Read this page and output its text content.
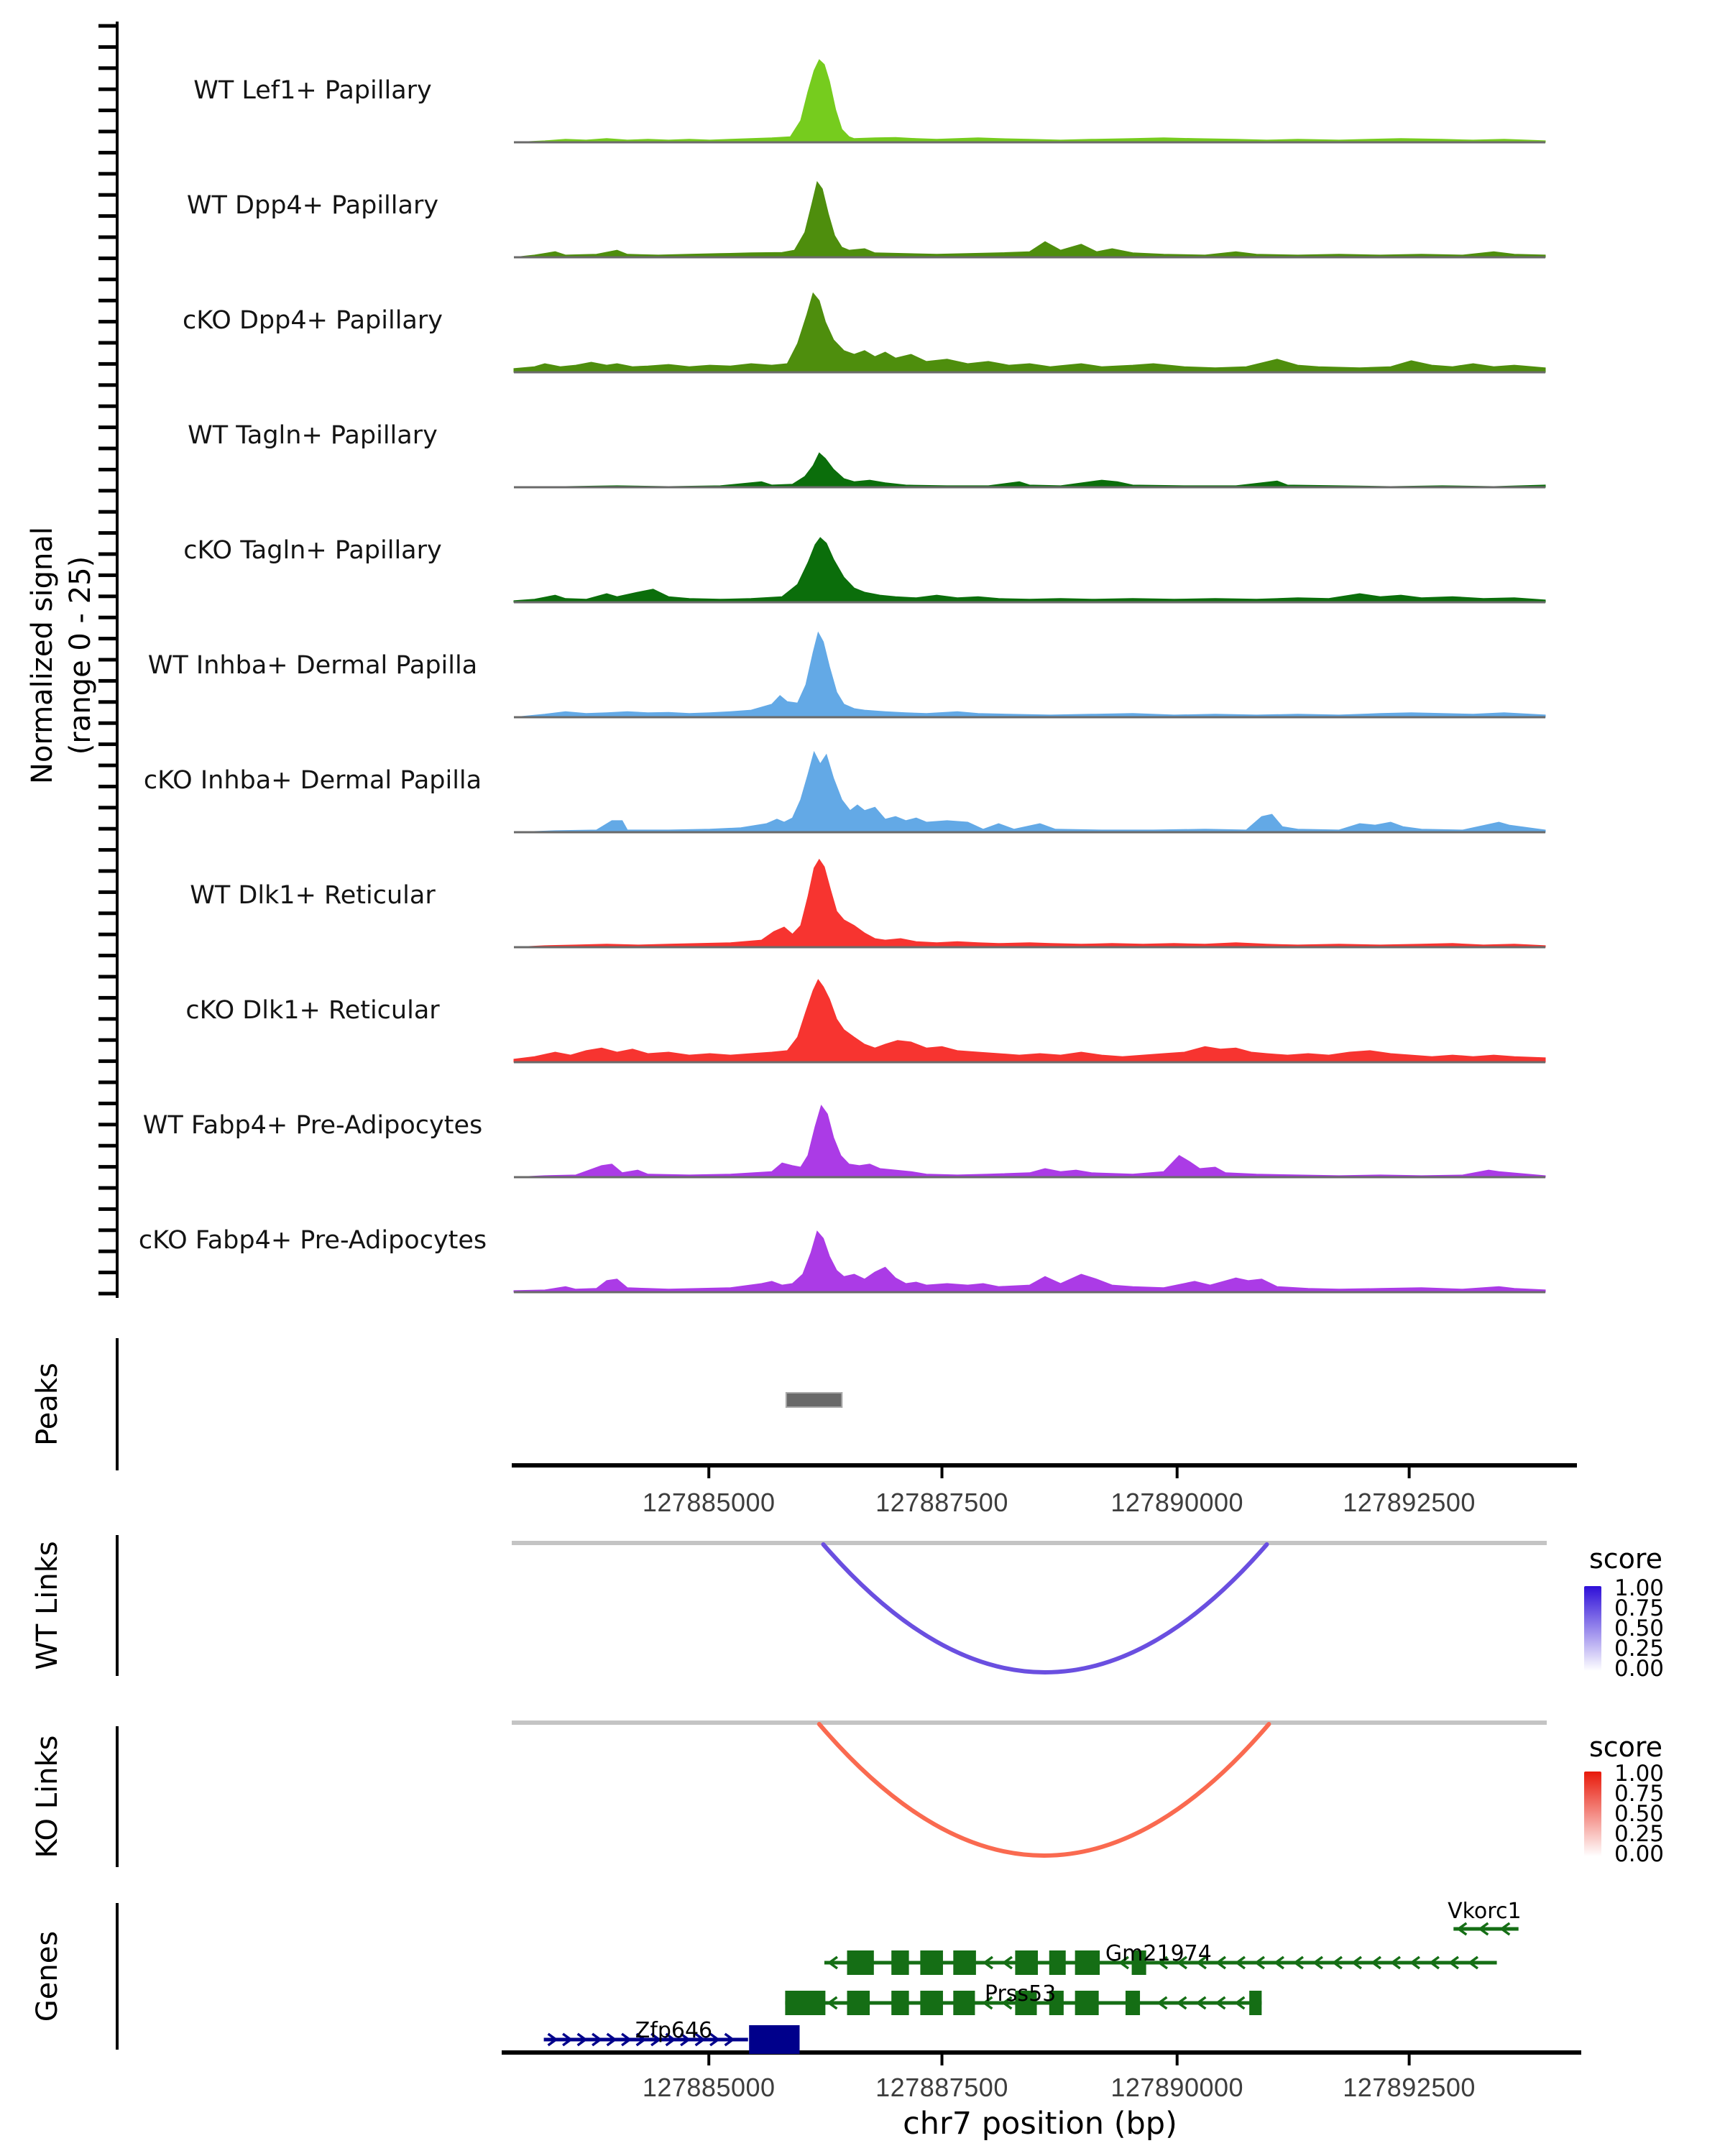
Normalized signal (range 0 - 25)
Peaks
WT Links
KO Links
Genes
score
score
chr7 position (bp)
WT Lef1+ Papillary
WT Dpp4+ Papillary
cKO Dpp4+ Papillary
WT Tagln+ Papillary
cKO Tagln+ Papillary
WT Inhba+ Dermal Papilla
cKO Inhba+ Dermal Papilla
WT Dlk1+ Reticular
cKO Dlk1+ Reticular
WT Fabp4+ Pre-Adipocytes
cKO Fabp4+ Pre-Adipocytes
127885000	127887500	127890000	127892500
127885000	127887500	127890000	127892500
1.00
0.75
0.50
0.25
0.00
1.00
0.75
0.50
0.25
0.00
Vkorc1
Gm21974
Prss53
Zfp646
